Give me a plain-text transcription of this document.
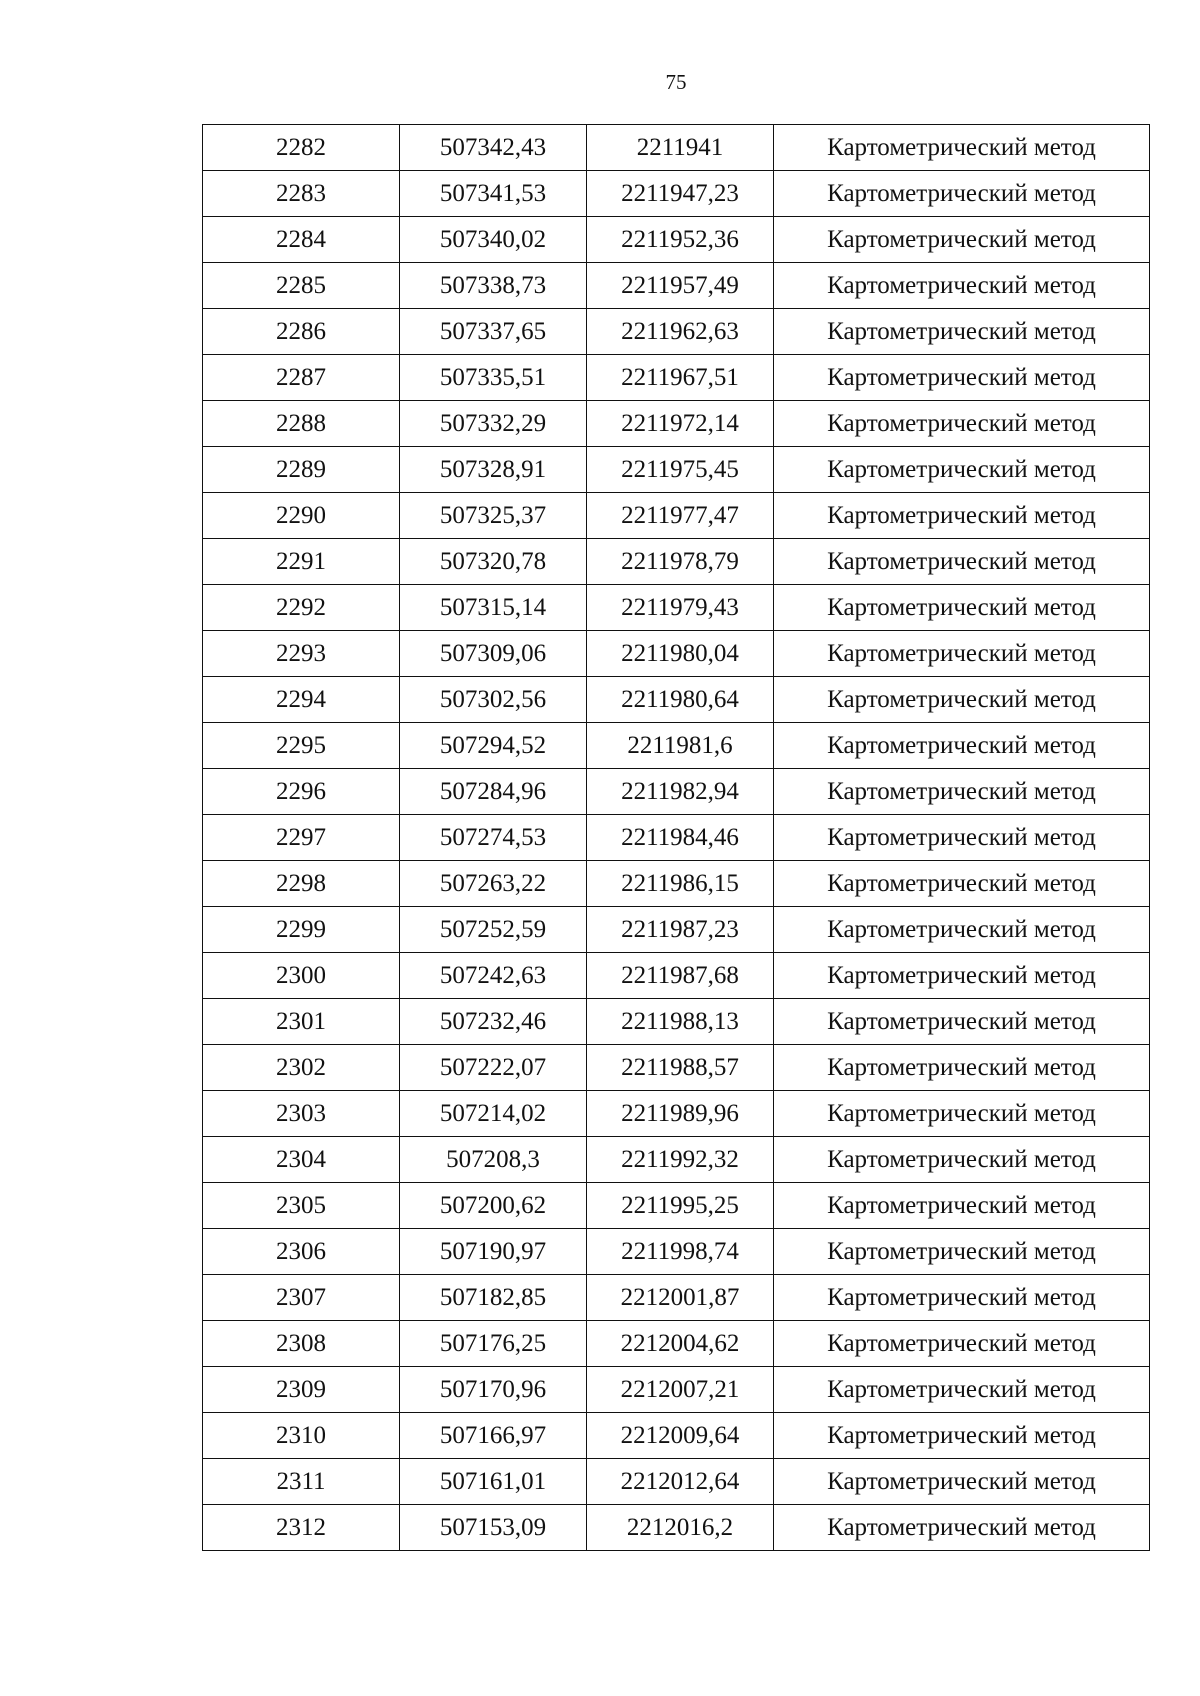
75
2282	507342,43	2211941	Картометрический метод
2283	507341,53	2211947,23	Картометрический метод
2284	507340,02	2211952,36	Картометрический метод
2285	507338,73	2211957,49	Картометрический метод
2286	507337,65	2211962,63	Картометрический метод
2287	507335,51	2211967,51	Картометрический метод
2288	507332,29	2211972,14	Картометрический метод
2289	507328,91	2211975,45	Картометрический метод
2290	507325,37	2211977,47	Картометрический метод
2291	507320,78	2211978,79	Картометрический метод
2292	507315,14	2211979,43	Картометрический метод
2293	507309,06	2211980,04	Картометрический метод
2294	507302,56	2211980,64	Картометрический метод
2295	507294,52	2211981,6	Картометрический метод
2296	507284,96	2211982,94	Картометрический метод
2297	507274,53	2211984,46	Картометрический метод
2298	507263,22	2211986,15	Картометрический метод
2299	507252,59	2211987,23	Картометрический метод
2300	507242,63	2211987,68	Картометрический метод
2301	507232,46	2211988,13	Картометрический метод
2302	507222,07	2211988,57	Картометрический метод
2303	507214,02	2211989,96	Картометрический метод
2304	507208,3	2211992,32	Картометрический метод
2305	507200,62	2211995,25	Картометрический метод
2306	507190,97	2211998,74	Картометрический метод
2307	507182,85	2212001,87	Картометрический метод
2308	507176,25	2212004,62	Картометрический метод
2309	507170,96	2212007,21	Картометрический метод
2310	507166,97	2212009,64	Картометрический метод
2311	507161,01	2212012,64	Картометрический метод
2312	507153,09	2212016,2	Картометрический метод
